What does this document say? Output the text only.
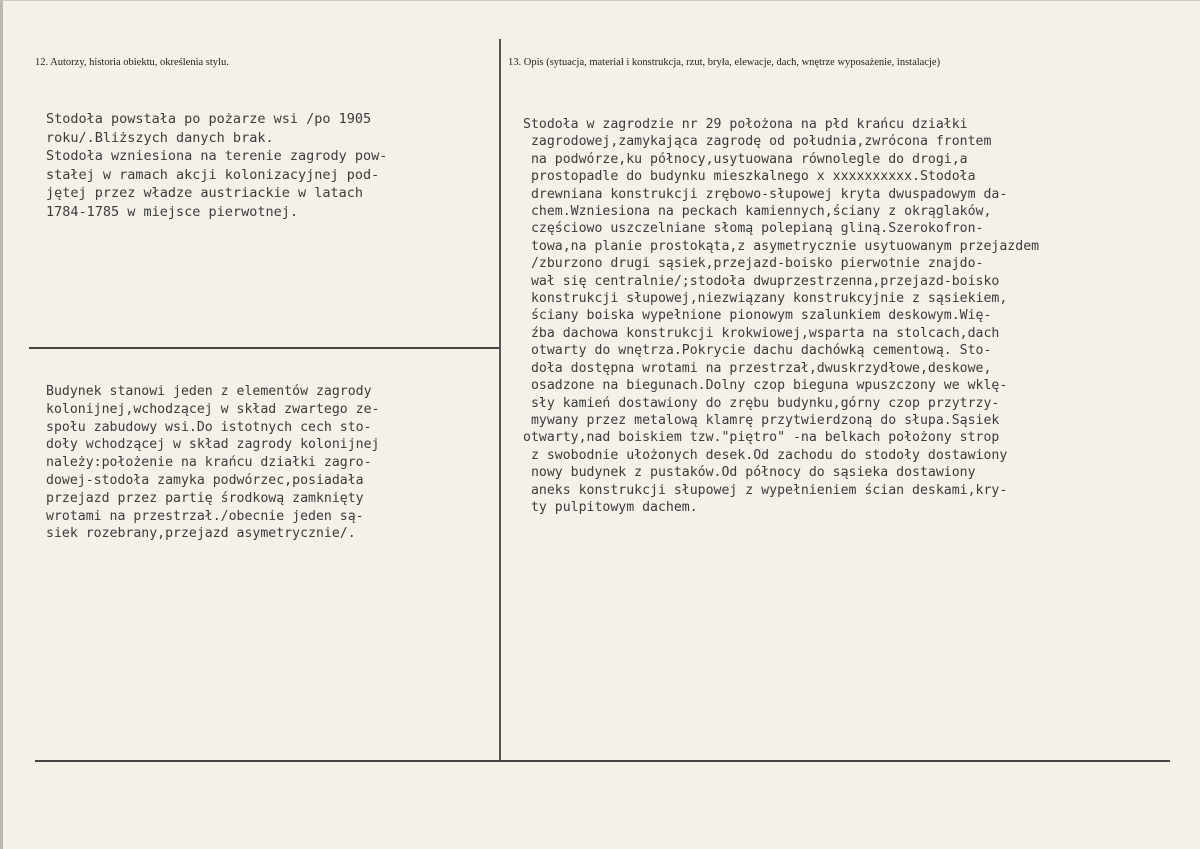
12. Autorzy, historia obiektu, określenia stylu.	13. Opis (sytuacja, materiał i konstrukcja, rzut, bryła, elewacje, dach, wnętrze wyposażenie, instalacje)
Stodoła powstała po pożarze wsi /po 1905
roku/.Bliższych danych brak.
Stodoła wzniesiona na terenie zagrody pow-
stałej w ramach akcji kolonizacyjnej pod-
jętej przez władze austriackie w latach
1784-1785 w miejsce pierwotnej.
Budynek stanowi jeden z elementów zagrody
kolonijnej,wchodzącej w skład zwartego ze-
społu zabudowy wsi.Do istotnych cech sto-
doły wchodzącej w skład zagrody kolonijnej
należy:położenie na krańcu działki zagro-
dowej-stodoła zamyka podwórzec,posiadała
przejazd przez partię środkową zamknięty
wrotami na przestrzał./obecnie jeden są-
siek rozebrany,przejazd asymetrycznie/.
Stodoła w zagrodzie nr 29 położona na płd krańcu działki
zagrodowej,zamykająca zagrodę od południa,zwrócona frontem
na podwórze,ku północy,usytuowana równolegle do drogi,a
prostopadle do budynku mieszkalnego x xxxxxxxxxx.Stodoła
drewniana konstrukcji zrębowo-słupowej kryta dwuspadowym da-
chem.Wzniesiona na peckach kamiennych,ściany z okrąglaków,
częściowo uszczelniane słomą polepianą gliną.Szerokofron-
towa,na planie prostokąta,z asymetrycznie usytuowanym przejazdem
/zburzono drugi sąsiek,przejazd-boisko pierwotnie znajdo-
wał się centralnie/;stodoła dwuprzestrzenna,przejazd-boisko
konstrukcji słupowej,niezwiązany konstrukcyjnie z sąsiekiem,
ściany boiska wypełnione pionowym szalunkiem deskowym.Wię-
źba dachowa konstrukcji krokwiowej,wsparta na stolcach,dach
otwarty do wnętrza.Pokrycie dachu dachówką cementową. Sto-
doła dostępna wrotami na przestrzał,dwuskrzydłowe,deskowe,
osadzone na biegunach.Dolny czop bieguna wpuszczony we wklę-
sły kamień dostawiony do zrębu budynku,górny czop przytrzy-
mywany przez metalową klamrę przytwierdzoną do słupa.Sąsiek
otwarty,nad boiskiem tzw."piętro" -na belkach położony strop
z swobodnie ułożonych desek.Od zachodu do stodoły dostawiony
nowy budynek z pustaków.Od północy do sąsieka dostawiony
aneks konstrukcji słupowej z wypełnieniem ścian deskami,kry-
ty pulpitowym dachem.
